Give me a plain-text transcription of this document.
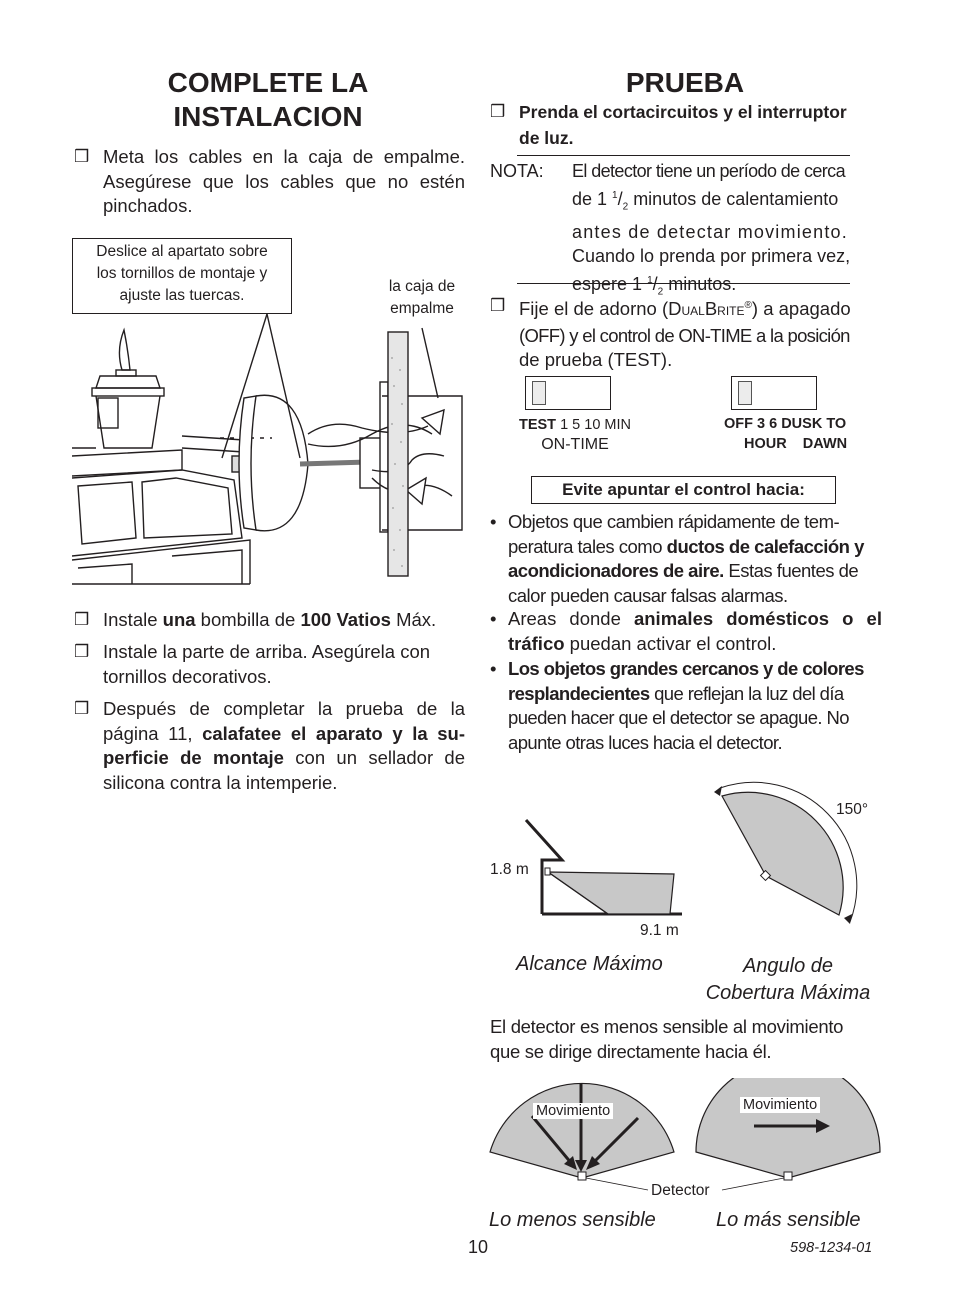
COMPLETE LA
INSTALACION
❒ Meta los cables en la caja de empalme. Asegúrese que los cables que no estén pinchados.
Deslice al apartato sobre
los tornillos de montaje y
ajuste las tuercas.
la caja de
empalme
❒ Instale una bombilla de 100 Vatios Máx.
❒ Instale la parte de arriba. Asegúrela con tornillos decorativos.
❒ Después de completar la prueba de la página 11, calafatee el aparato y la su-perficie de montaje con un sellador de silicona contra la intemperie.
PRUEBA
❒ Prenda el cortacircuitos y el interruptor
de luz.
NOTA: El detector tiene un período de cerca
de 1 $^1/_2$ minutos de calentamiento
antes de detectar movimiento.
Cuando lo prenda por primera vez,
espere 1 $^1/_2$ minutos.
❒ Fije el de adorno (DUALBRITE®) a apagado
(OFF) y el control de ON-TIME a la posición
de prueba (TEST).
TEST 1 5 10 MIN
ON-TIME
OFF 3 6 DUSK TO
HOUR    DAWN
Evite apuntar el control hacia:
• Objetos que cambien rápidamente de tem-peratura tales como ductos de calefacción y acondicionadores de aire. Estas fuentes de calor pueden causar falsas alarmas.
• Areas donde animales domésticos o el tráfico puedan activar el control.
• Los objetos grandes cercanos y de colores resplandecientes que reflejan la luz del día pueden hacer que el detector se apague. No apunte otras luces hacia el detector.
1.8 m
9.1 m
150°
Alcance Máximo	Angulo de
Cobertura Máxima
El detector es menos sensible al movimiento
que se dirige directamente hacia él.
Movimiento	Movimiento
Detector
Lo menos sensible	Lo más sensible
10	598-1234-01
